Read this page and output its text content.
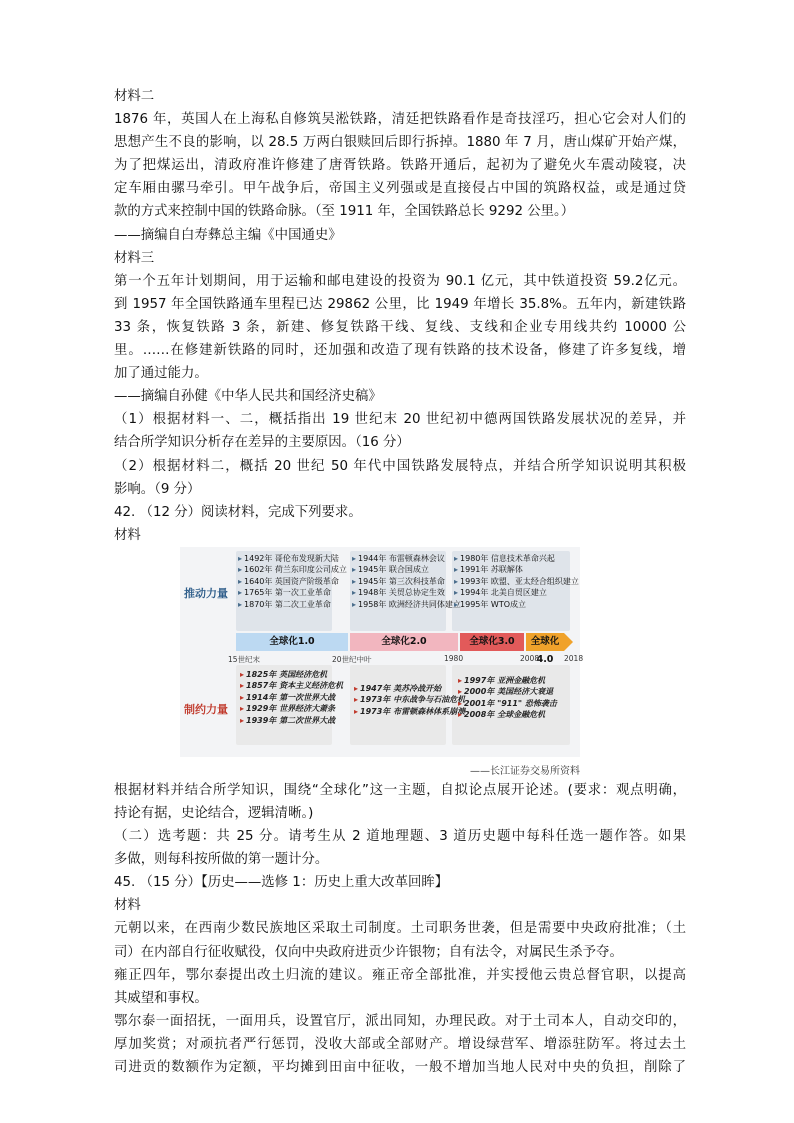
材料二
1876 年，英国人在上海私自修筑吴淞铁路，清廷把铁路看作是奇技淫巧，担心它会对人们的
思想产生不良的影响，以 28.5 万两白银赎回后即行拆掉。1880 年 7 月，唐山煤矿开始产煤，
为了把煤运出，清政府准许修建了唐胥铁路。铁路开通后，起初为了避免火车震动陵寝，决
定车厢由骡马牵引。甲午战争后，帝国主义列强或是直接侵占中国的筑路权益，或是通过贷
款的方式来控制中国的铁路命脉。（至 1911 年，全国铁路总长 9292 公里。）
——摘编自白寿彝总主编《中国通史》
材料三
第一个五年计划期间，用于运输和邮电建设的投资为 90.1 亿元，其中铁道投资 59.2亿元。
到 1957 年全国铁路通车里程已达 29862 公里，比 1949 年增长 35.8%。五年内，新建铁路
33 条，恢复铁路 3 条，新建、修复铁路干线、复线、支线和企业专用线共约 10000 公
里。……在修建新铁路的同时，还加强和改造了现有铁路的技术设备，修建了许多复线，增
加了通过能力。
——摘编自孙健《中华人民共和国经济史稿》
（1）根据材料一、二，概括指出 19 世纪末 20 世纪初中德两国铁路发展状况的差异，并
结合所学知识分析存在差异的主要原因。（16 分）
（2）根据材料二，概括 20 世纪 50 年代中国铁路发展特点，并结合所学知识说明其积极
影响。（9 分）
42. （12 分）阅读材料，完成下列要求。
材料
推动力量
制约力量
▸ 1492年 哥伦布发现新大陆
▸ 1602年 荷兰东印度公司成立
▸ 1640年 英国资产阶级革命
▸ 1765年 第一次工业革命
▸ 1870年 第二次工业革命
▸ 1944年 布雷顿森林会议
▸ 1945年 联合国成立
▸ 1945年 第三次科技革命
▸ 1948年 关贸总协定生效
▸ 1958年 欧洲经济共同体建立
▸ 1980年 信息技术革命兴起
▸ 1991年 苏联解体
▸ 1993年 欧盟、亚太经合组织建立
▸ 1994年 北美自贸区建立
▸ 1995年 WTO成立
全球化1.0	全球化2.0	全球化3.0	全球化4.0
15世纪末	20世纪中叶	1980	2008	2018
▸ 1825年 英国经济危机
▸ 1857年 资本主义经济危机
▸ 1914年 第一次世界大战
▸ 1929年 世界经济大萧条
▸ 1939年 第二次世界大战
▸ 1947年 美苏冷战开始
▸ 1973年 中东战争与石油危机
▸ 1973年 布雷顿森林体系崩溃
▸ 1997年 亚洲金融危机
▸ 2000年 美国经济大衰退
▸ 2001年 "911" 恐怖袭击
▸ 2008年 全球金融危机
——长江证券交易所资料
根据材料并结合所学知识，围绕“全球化”这一主题，自拟论点展开论述。(要求：观点明确，
持论有据，史论结合，逻辑清晰。)
（二）选考题：共 25 分。请考生从 2 道地理题、3 道历史题中每科任选一题作答。如果
多做，则每科按所做的第一题计分。
45. （15 分）【历史——选修 1：历史上重大改革回眸】
材料
元朝以来，在西南少数民族地区采取土司制度。土司职务世袭，但是需要中央政府批准；（土
司）在内部自行征收赋役，仅向中央政府进贡少许银物；自有法令，对属民生杀予夺。
雍正四年，鄂尔泰提出改土归流的建议。雍正帝全部批准，并实授他云贵总督官职，以提高
其威望和事权。
鄂尔泰一面招抚，一面用兵，设置官厅，派出同知，办理民政。对于土司本人，自动交印的，
厚加奖赏；对顽抗者严行惩罚，没收大部或全部财产。增设绿营军、增添驻防军。将过去土
司进贡的数额作为定额，平均摊到田亩中征收，一般不增加当地人民对中央的负担，削除了
